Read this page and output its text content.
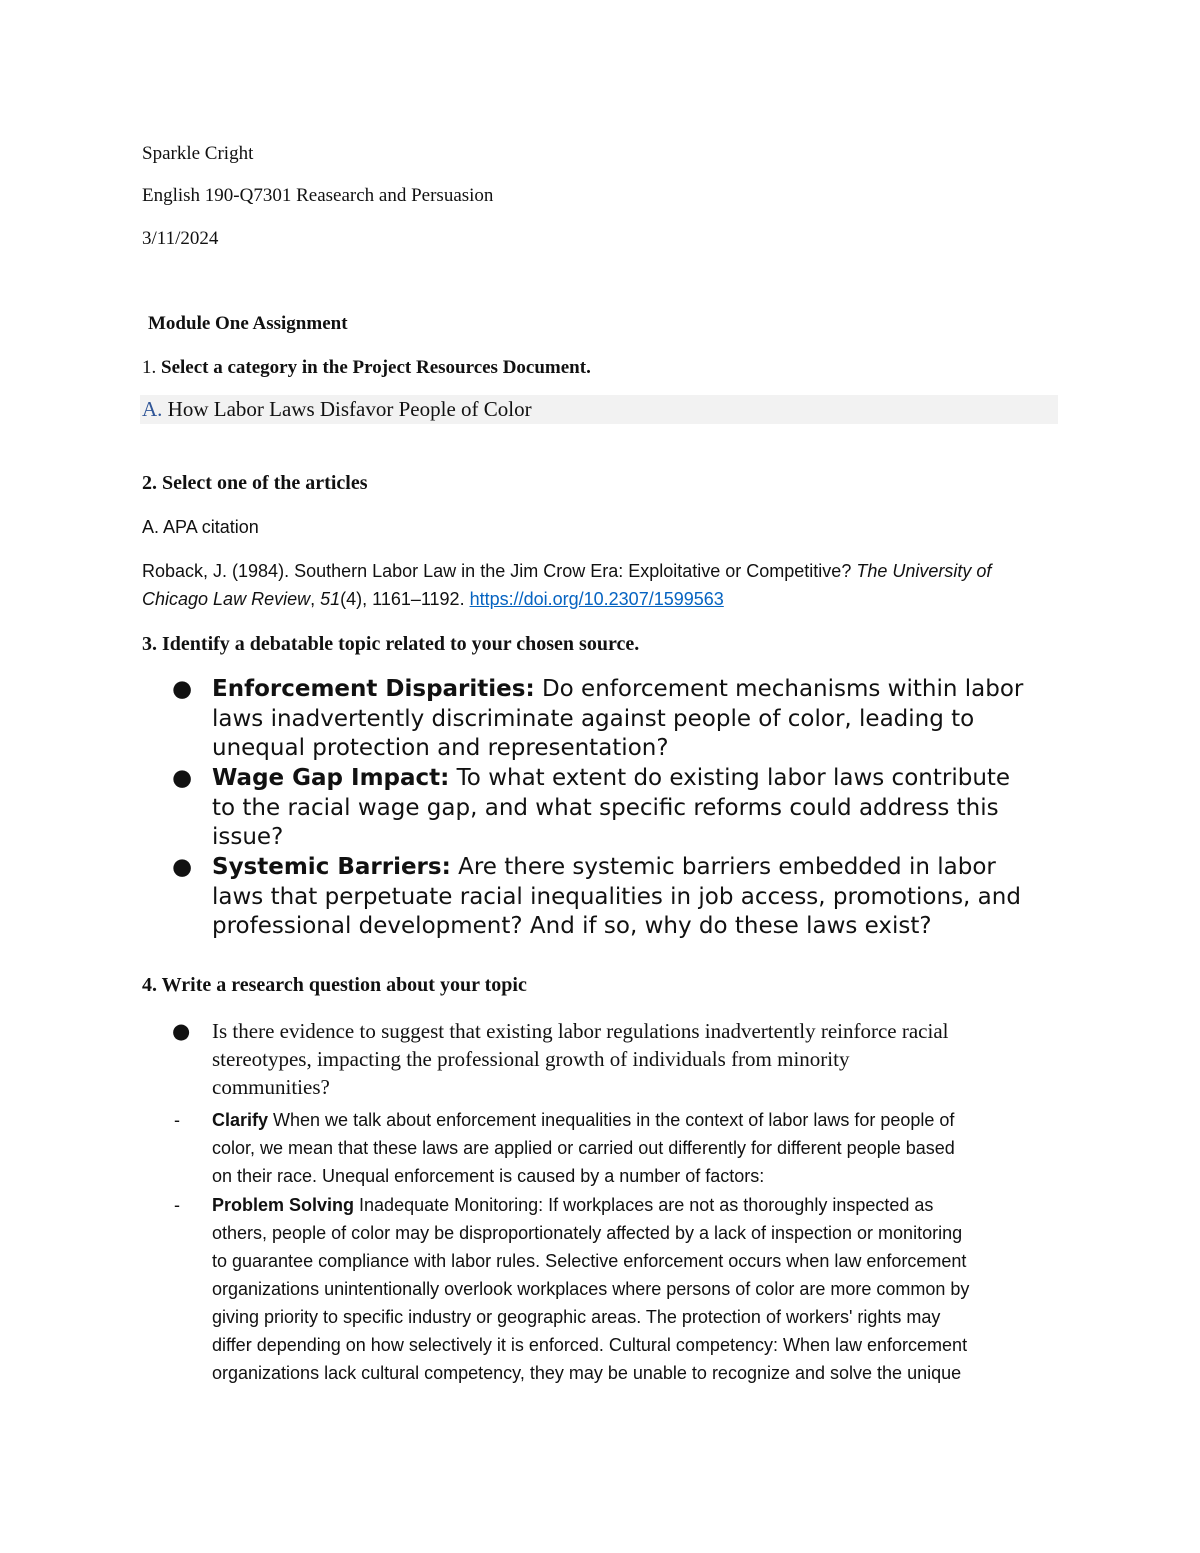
Sparkle Cright
English 190-Q7301 Reasearch and Persuasion
3/11/2024
Module One Assignment
1. Select a category in the Project Resources Document.
A. How Labor Laws Disfavor People of Color
2. Select one of the articles
A. APA citation
Roback, J. (1984). Southern Labor Law in the Jim Crow Era: Exploitative or Competitive? The University of
Chicago Law Review, 51(4), 1161–1192. https://doi.org/10.2307/1599563
3. Identify a debatable topic related to your chosen source.
● Enforcement Disparities: Do enforcement mechanisms within labor
laws inadvertently discriminate against people of color, leading to
unequal protection and representation?
● Wage Gap Impact: To what extent do existing labor laws contribute
to the racial wage gap, and what specific reforms could address this
issue?
● Systemic Barriers: Are there systemic barriers embedded in labor
laws that perpetuate racial inequalities in job access, promotions, and
professional development? And if so, why do these laws exist?
4. Write a research question about your topic
● Is there evidence to suggest that existing labor regulations inadvertently reinforce racial
stereotypes, impacting the professional growth of individuals from minority
communities?
- Clarify When we talk about enforcement inequalities in the context of labor laws for people of
color, we mean that these laws are applied or carried out differently for different people based
on their race. Unequal enforcement is caused by a number of factors:
- Problem Solving Inadequate Monitoring: If workplaces are not as thoroughly inspected as
others, people of color may be disproportionately affected by a lack of inspection or monitoring
to guarantee compliance with labor rules. Selective enforcement occurs when law enforcement
organizations unintentionally overlook workplaces where persons of color are more common by
giving priority to specific industry or geographic areas. The protection of workers' rights may
differ depending on how selectively it is enforced. Cultural competency: When law enforcement
organizations lack cultural competency, they may be unable to recognize and solve the unique
